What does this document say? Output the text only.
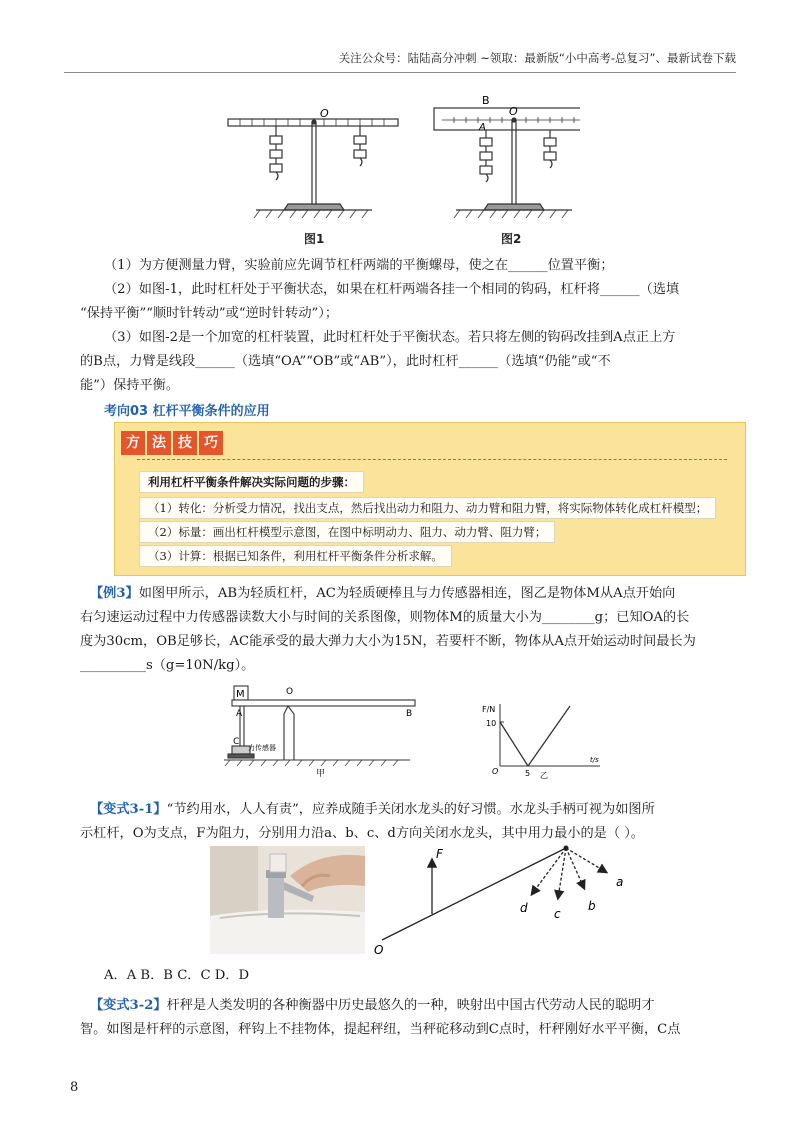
关注公众号：陆陆高分冲刺 ~领取：最新版“小中高考-总复习”、最新试卷下载
O
B
A
O
图1	图2
（1）为方便测量力臂，实验前应先调节杠杆两端的平衡螺母，使之在______位置平衡；
（2）如图-1，此时杠杆处于平衡状态，如果在杠杆两端各挂一个相同的钩码，杠杆将______（选填
“保持平衡”“顺时针转动”或“逆时针转动”）；
（3）如图-2是一个加宽的杠杆装置，此时杠杆处于平衡状态。若只将左侧的钩码改挂到A点正上方
的B点，力臂是线段______（选填“OA”“OB”或“AB”），此时杠杆______（选填“仍能”或“不
能”）保持平衡。
考向03 杠杆平衡条件的应用
方 法 技 巧
利用杠杆平衡条件解决实际问题的步骤：
（1）转化：分析受力情况，找出支点，然后找出动力和阻力、动力臂和阻力臂，将实际物体转化成杠杆模型；
（2）标量：画出杠杆模型示意图，在图中标明动力、阻力、动力臂、阻力臂；
（3）计算：根据已知条件，利用杠杆平衡条件分析求解。
【例3】如图甲所示，AB为轻质杠杆，AC为轻质硬棒且与力传感器相连，图乙是物体M从A点开始向
右匀速运动过程中力传感器读数大小与时间的关系图像，则物体M的质量大小为________g；已知OA的长
度为30cm，OB足够长，AC能承受的最大弹力大小为15N，若要杆不断，物体从A点开始运动时间最长为
__________s（g=10N/kg）。
M
A
O
B
C
力传感器
甲
F/N
10
O	5
t/s
乙
【变式3-1】“节约用水，人人有责”，应养成随手关闭水龙头的好习惯。水龙头手柄可视为如图所
示杠杆，O为支点，F为阻力，分别用力沿a、b、c、d方向关闭水龙头，其中用力最小的是（ ）。
F
O
a
b
c
d
A．A B．B C．C D．D
【变式3-2】杆秤是人类发明的各种衡器中历史最悠久的一种，映射出中国古代劳动人民的聪明才
智。如图是杆秤的示意图，秤钩上不挂物体，提起秤纽，当秤砣移动到C点时，杆秤刚好水平平衡，C点
8
